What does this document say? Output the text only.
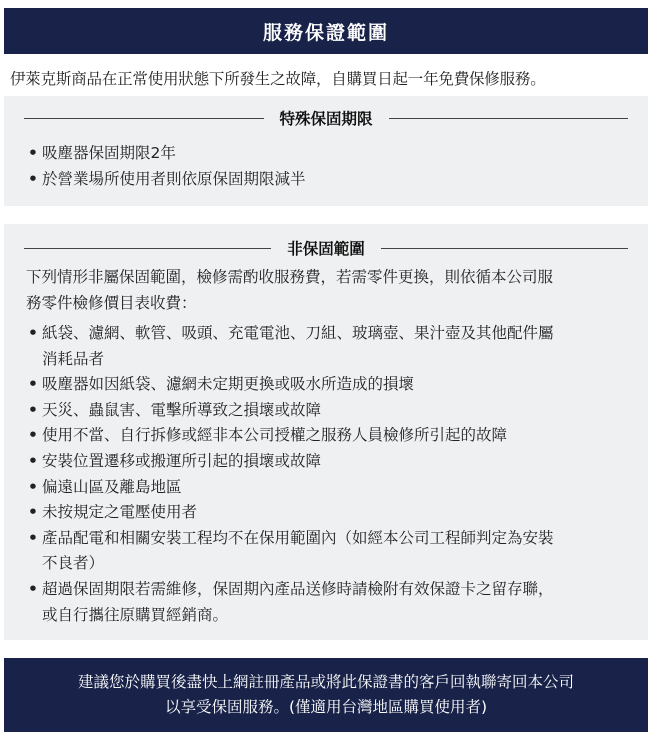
服務保證範圍
伊萊克斯商品在正常使用狀態下所發生之故障，自購買日起一年免費保修服務。
特殊保固期限
• 吸塵器保固期限2年
• 於營業場所使用者則依原保固期限減半
非保固範圍
下列情形非屬保固範圍，檢修需酌收服務費，若需零件更換，則依循本公司服
務零件檢修價目表收費：
• 紙袋、濾網、軟管、吸頭、充電電池、刀組、玻璃壺、果汁壺及其他配件屬
消耗品者
• 吸塵器如因紙袋、濾網未定期更換或吸水所造成的損壞
• 天災、蟲鼠害、電擊所導致之損壞或故障
• 使用不當、自行拆修或經非本公司授權之服務人員檢修所引起的故障
• 安裝位置遷移或搬運所引起的損壞或故障
• 偏遠山區及離島地區
• 未按規定之電壓使用者
• 產品配電和相關安裝工程均不在保用範圍內（如經本公司工程師判定為安裝
不良者）
• 超過保固期限若需維修，保固期內產品送修時請檢附有效保證卡之留存聯，
或自行攜往原購買經銷商。
建議您於購買後盡快上網註冊產品或將此保證書的客戶回執聯寄回本公司
以享受保固服務。(僅適用台灣地區購買使用者)
